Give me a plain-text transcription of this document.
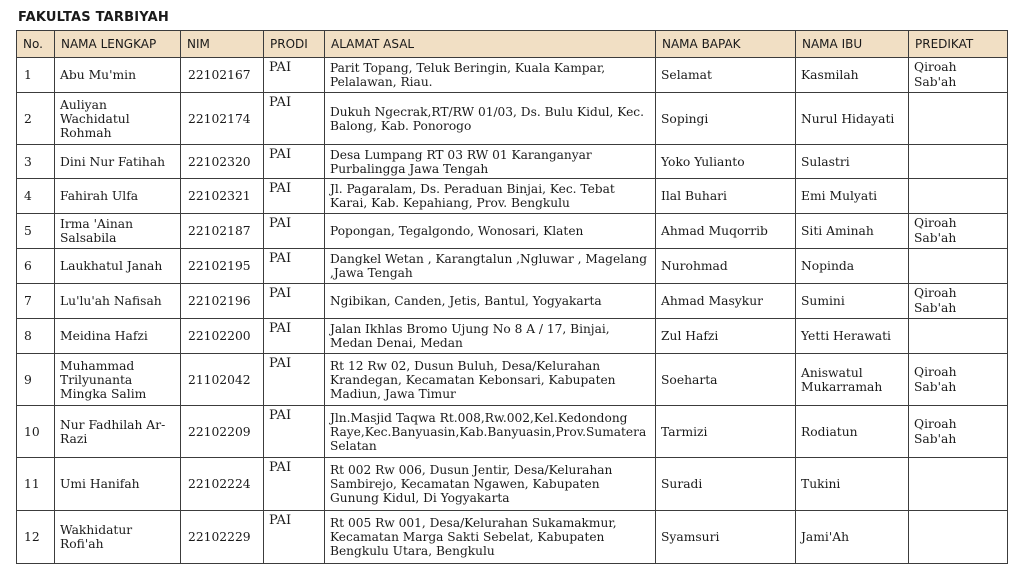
FAKULTAS TARBIYAH
No.	NAMA LENGKAP	NIM	PRODI	ALAMAT ASAL	NAMA BAPAK	NAMA IBU	PREDIKAT
1	Abu Mu'min	22102167	PAI	Parit Topang, Teluk Beringin, Kuala Kampar, Pelalawan, Riau.	Selamat	Kasmilah	Qiroah Sab'ah
2	Auliyan Wachidatul Rohmah	22102174	PAI	Dukuh Ngecrak,RT/RW 01/03, Ds. Bulu Kidul, Kec. Balong, Kab. Ponorogo	Sopingi	Nurul Hidayati	
3	Dini Nur Fatihah	22102320	PAI	Desa Lumpang RT 03 RW 01 Karanganyar Purbalingga Jawa Tengah	Yoko Yulianto	Sulastri	
4	Fahirah Ulfa	22102321	PAI	Jl. Pagaralam, Ds. Peraduan Binjai, Kec. Tebat Karai, Kab. Kepahiang, Prov. Bengkulu	Ilal Buhari	Emi Mulyati	
5	Irma 'Ainan Salsabila	22102187	PAI	Popongan, Tegalgondo, Wonosari, Klaten	Ahmad Muqorrib	Siti Aminah	Qiroah Sab'ah
6	Laukhatul Janah	22102195	PAI	Dangkel Wetan , Karangtalun ,Ngluwar , Magelang ,Jawa Tengah	Nurohmad	Nopinda	
7	Lu'lu'ah Nafisah	22102196	PAI	Ngibikan, Canden, Jetis, Bantul, Yogyakarta	Ahmad Masykur	Sumini	Qiroah Sab'ah
8	Meidina Hafzi	22102200	PAI	Jalan Ikhlas Bromo Ujung No 8 A / 17, Binjai, Medan Denai, Medan	Zul Hafzi	Yetti Herawati	
9	Muhammad Trilyunanta Mingka Salim	21102042	PAI	Rt 12 Rw 02, Dusun Buluh, Desa/Kelurahan Krandegan, Kecamatan Kebonsari, Kabupaten Madiun, Jawa Timur	Soeharta	Aniswatul Mukarramah	Qiroah Sab'ah
10	Nur Fadhilah Ar-Razi	22102209	PAI	Jln.Masjid Taqwa Rt.008,Rw.002,Kel.Kedondong Raye,Kec.Banyuasin,Kab.Banyuasin,Prov.Sumatera Selatan	Tarmizi	Rodiatun	Qiroah Sab'ah
11	Umi Hanifah	22102224	PAI	Rt 002 Rw 006, Dusun Jentir, Desa/Kelurahan Sambirejo, Kecamatan Ngawen, Kabupaten Gunung Kidul, Di Yogyakarta	Suradi	Tukini	
12	Wakhidatur Rofi'ah	22102229	PAI	Rt 005 Rw 001, Desa/Kelurahan Sukamakmur, Kecamatan Marga Sakti Sebelat, Kabupaten Bengkulu Utara, Bengkulu	Syamsuri	Jami'Ah	
